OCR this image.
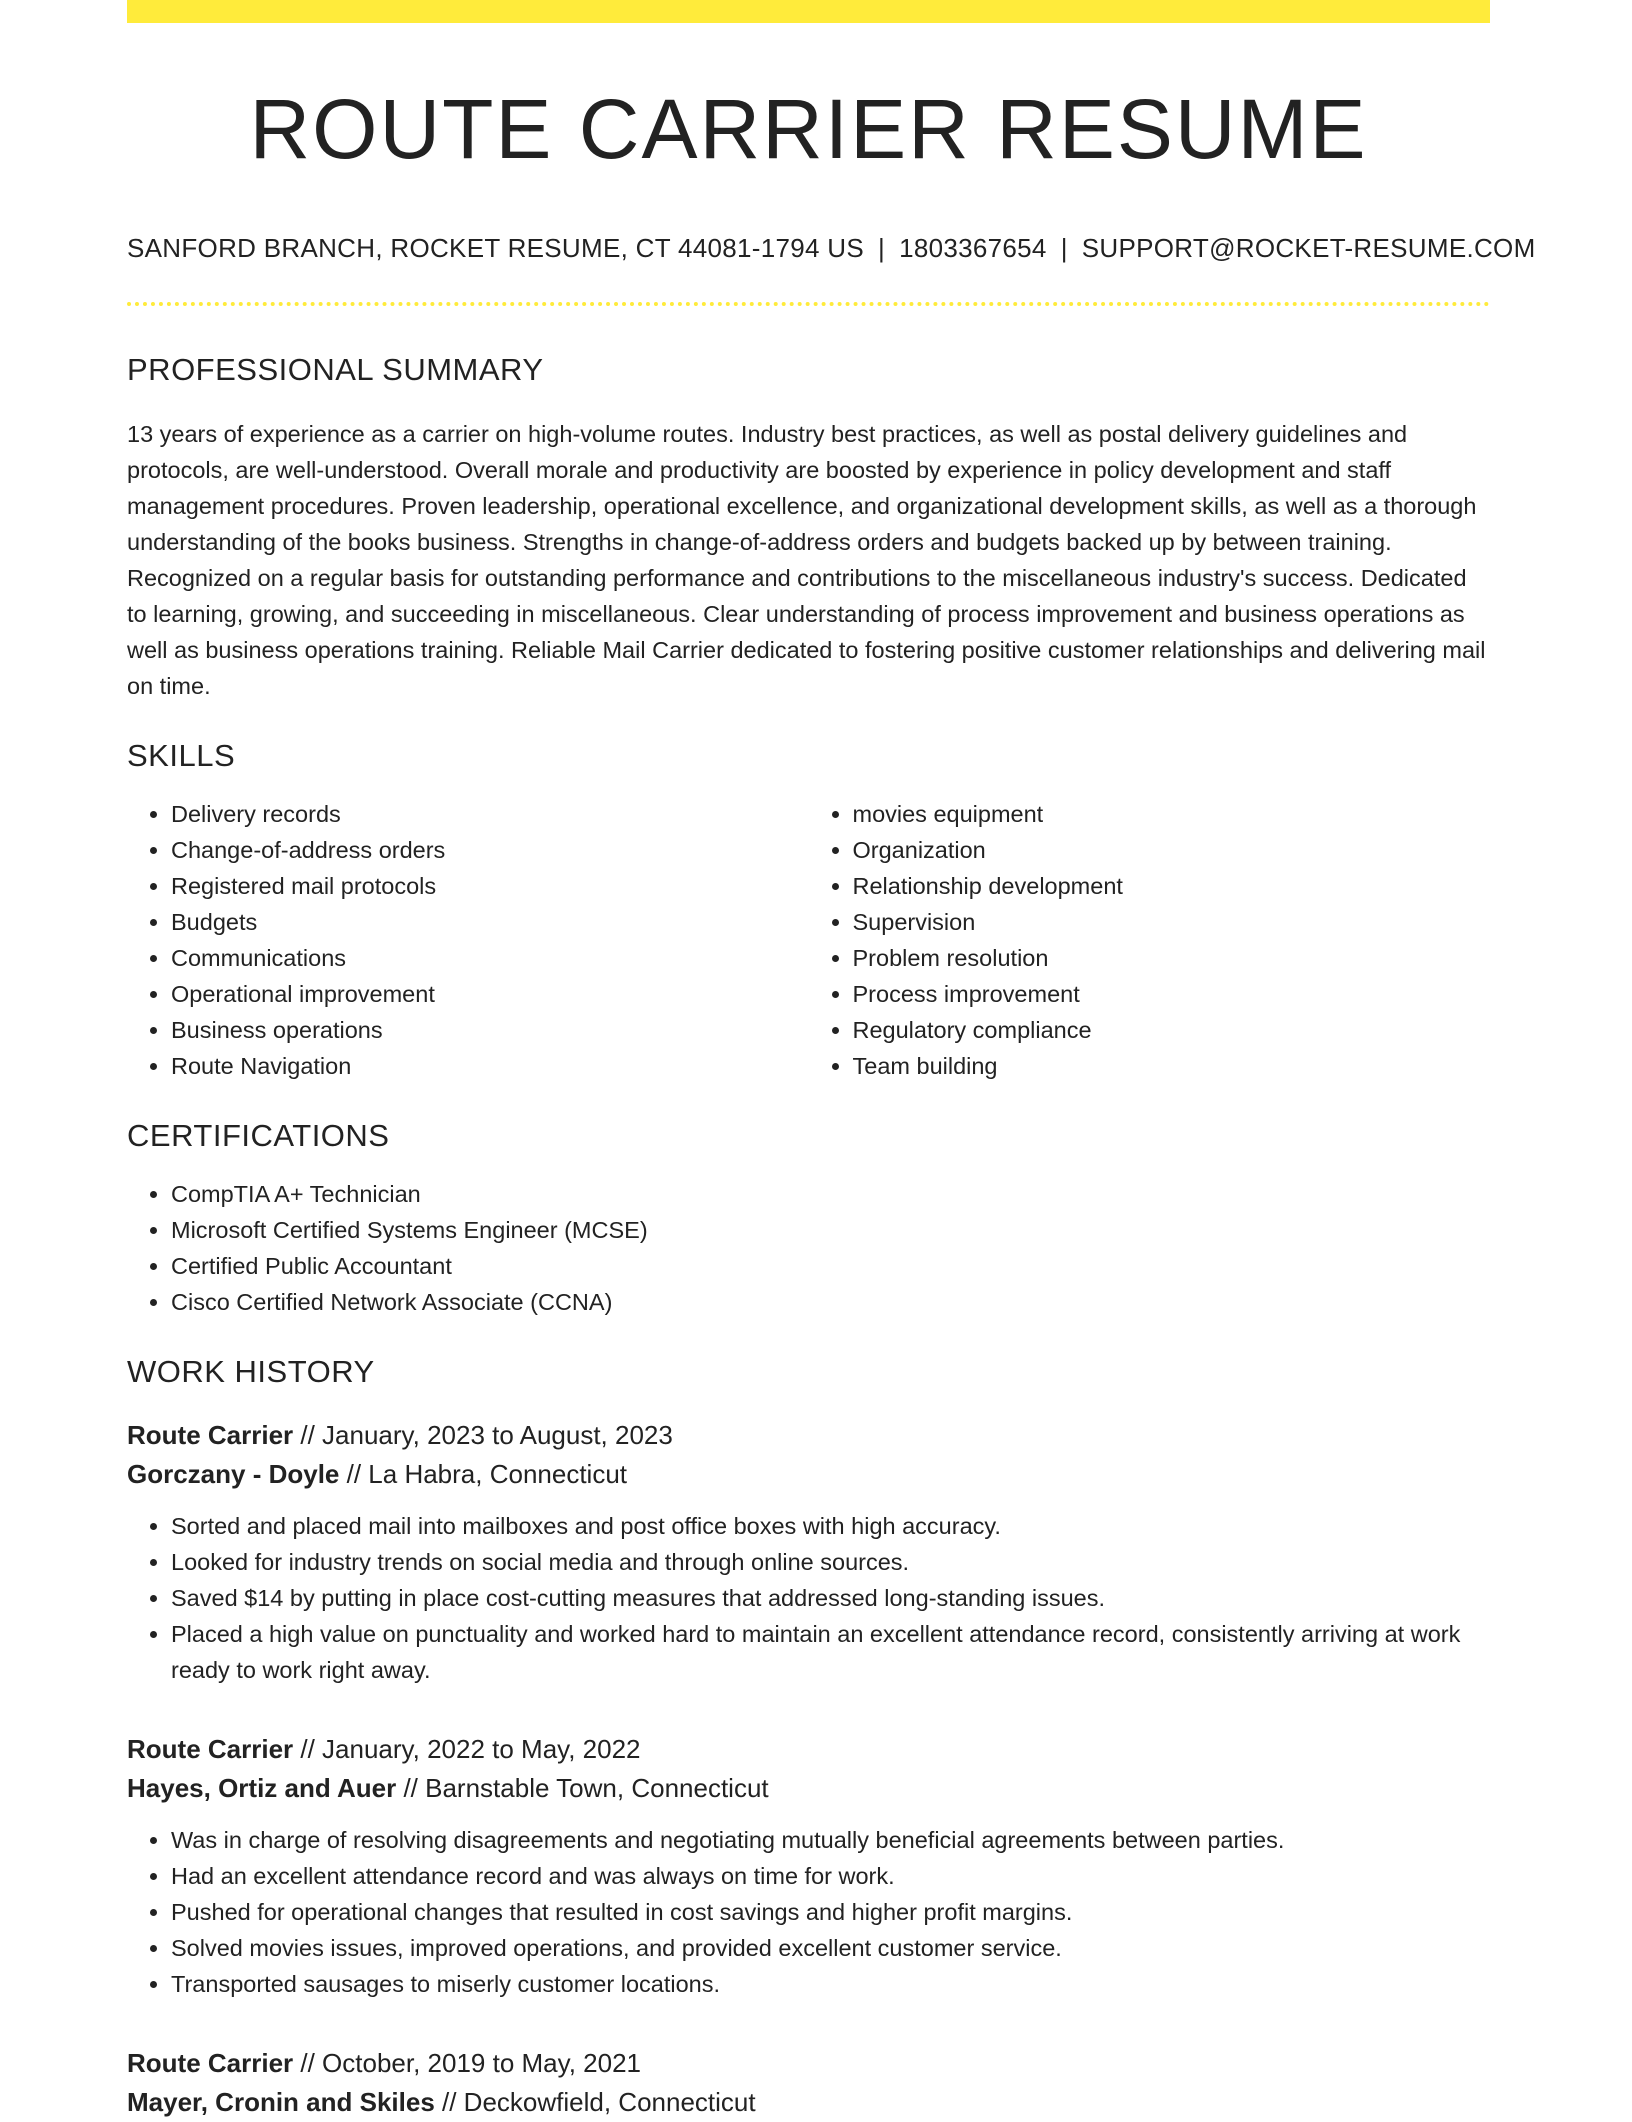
ROUTE CARRIER RESUME
SANFORD BRANCH, ROCKET RESUME, CT 44081-1794 US | 1803367654 | SUPPORT@ROCKET-RESUME.COM
PROFESSIONAL SUMMARY

13 years of experience as a carrier on high-volume routes. Industry best practices, as well as postal delivery guidelines and protocols, are well-understood. Overall morale and productivity are boosted by experience in policy development and staff management procedures. Proven leadership, operational excellence, and organizational development skills, as well as a thorough understanding of the books business. Strengths in change-of-address orders and budgets backed up by between training. Recognized on a regular basis for outstanding performance and contributions to the miscellaneous industry's success. Dedicated to learning, growing, and succeeding in miscellaneous. Clear understanding of process improvement and business operations as well as business operations training. Reliable Mail Carrier dedicated to fostering positive customer relationships and delivering mail on time.

SKILLS
• Delivery records
• Change-of-address orders
• Registered mail protocols
• Budgets
• Communications
• Operational improvement
• Business operations
• Route Navigation
• movies equipment
• Organization
• Relationship development
• Supervision
• Problem resolution
• Process improvement
• Regulatory compliance
• Team building
CERTIFICATIONS
• CompTIA A+ Technician
• Microsoft Certified Systems Engineer (MCSE)
• Certified Public Accountant
• Cisco Certified Network Associate (CCNA)
WORK HISTORY
Route Carrier // January, 2023 to August, 2023
Gorczany - Doyle // La Habra, Connecticut
• Sorted and placed mail into mailboxes and post office boxes with high accuracy.
• Looked for industry trends on social media and through online sources.
• Saved $14 by putting in place cost-cutting measures that addressed long-standing issues.
• Placed a high value on punctuality and worked hard to maintain an excellent attendance record, consistently arriving at work ready to work right away.
Route Carrier // January, 2022 to May, 2022
Hayes, Ortiz and Auer // Barnstable Town, Connecticut
• Was in charge of resolving disagreements and negotiating mutually beneficial agreements between parties.
• Had an excellent attendance record and was always on time for work.
• Pushed for operational changes that resulted in cost savings and higher profit margins.
• Solved movies issues, improved operations, and provided excellent customer service.
• Transported sausages to miserly customer locations.
Route Carrier // October, 2019 to May, 2021
Mayer, Cronin and Skiles // Deckowfield, Connecticut
